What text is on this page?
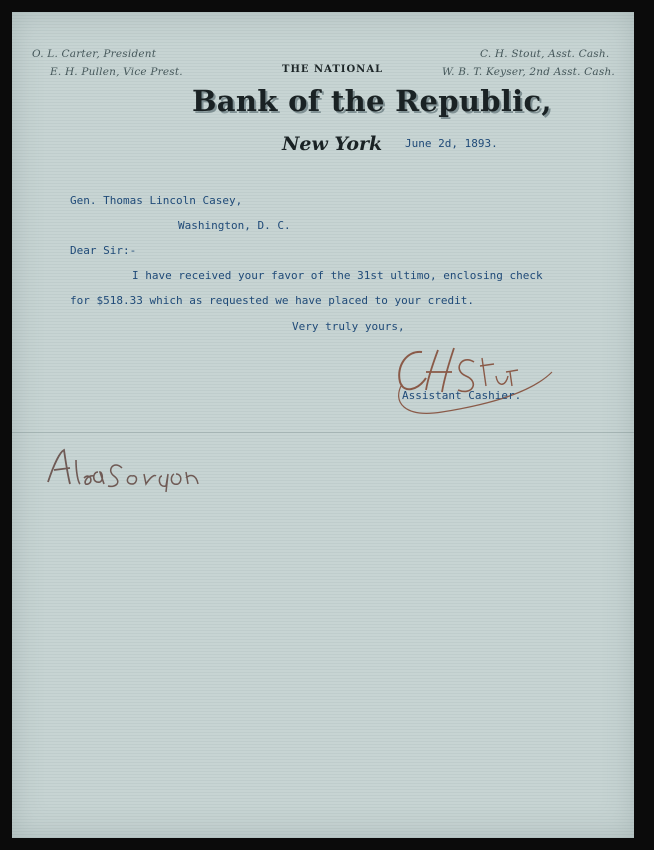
O. L. Carter, President
E. H. Pullen, Vice Prest.
C. H. Stout, Asst. Cash.
W. B. T. Keyser, 2nd Asst. Cash.
THE NATIONAL
Bank of the Republic,
New York June 2d, 1893.
Gen. Thomas Lincoln Casey,
Washington, D. C.
Dear Sir:-
I have received your favor of the 31st ultimo, enclosing check
for $518.33 which as requested we have placed to your credit.
Very truly yours,
Assistant Cashier.
